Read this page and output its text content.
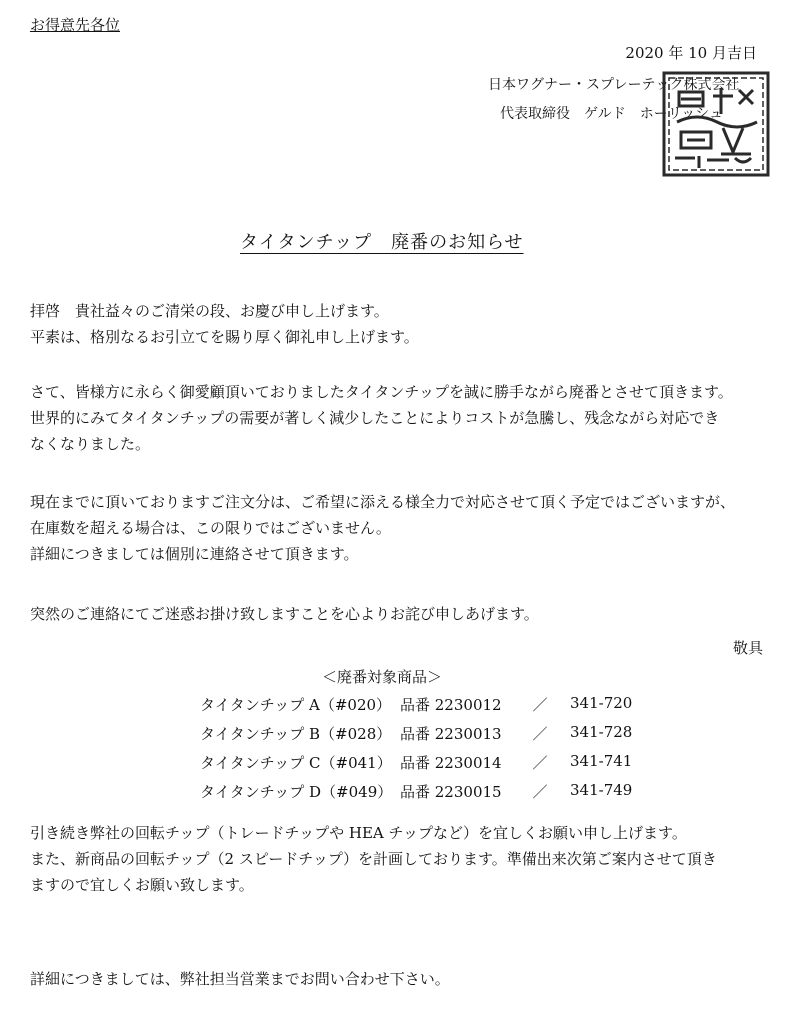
お得意先各位
2020 年 10 月吉日
日本ワグナー・スプレーテック株式会社
代表取締役　ゲルド　ホーリッシュ
タイタンチップ　廃番のお知らせ
拝啓　貴社益々のご清栄の段、お慶び申し上げます。
平素は、格別なるお引立てを賜り厚く御礼申し上げます。
さて、皆様方に永らく御愛顧頂いておりましたタイタンチップを誠に勝手ながら廃番とさせて頂きます。
世界的にみてタイタンチップの需要が著しく減少したことによりコストが急騰し、残念ながら対応でき
なくなりました。
現在までに頂いておりますご注文分は、ご希望に添える様全力で対応させて頂く予定ではございますが、
在庫数を超える場合は、この限りではございません。
詳細につきましては個別に連絡させて頂きます。
突然のご連絡にてご迷惑お掛け致しますことを心よりお詫び申しあげます。
敬具
＜廃番対象商品＞
タイタンチップ A（#020） 品番 2230012	／	341-720
タイタンチップ B（#028） 品番 2230013	／	341-728
タイタンチップ C（#041） 品番 2230014	／	341-741
タイタンチップ D（#049） 品番 2230015	／	341-749
引き続き弊社の回転チップ（トレードチップや HEA チップなど）を宜しくお願い申し上げます。
また、新商品の回転チップ（2 スピードチップ）を計画しております。準備出来次第ご案内させて頂き
ますので宜しくお願い致します。
詳細につきましては、弊社担当営業までお問い合わせ下さい。
